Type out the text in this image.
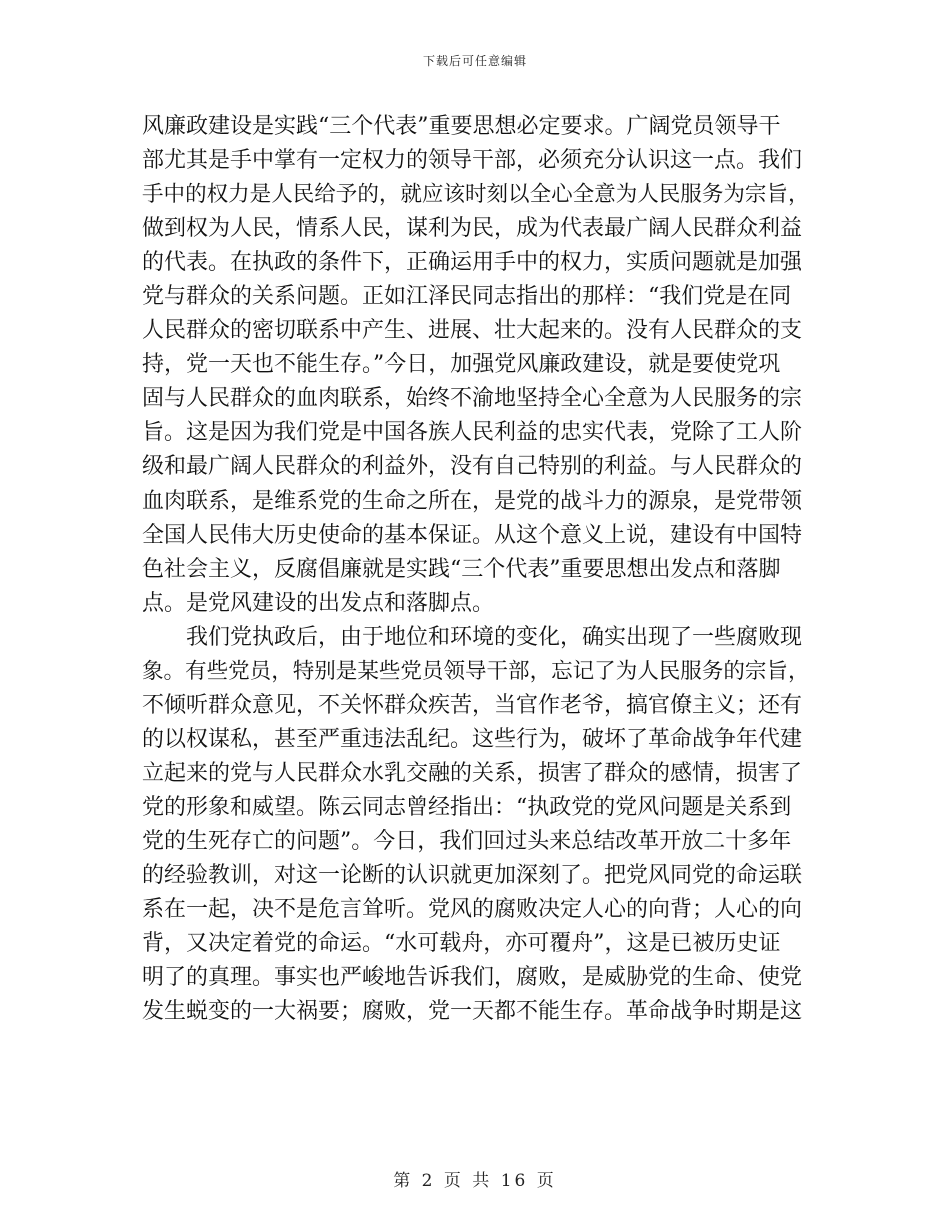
下载后可任意编辑
风廉政建设是实践“三个代表”重要思想必定要求。广阔党员领导干
部尤其是手中掌有一定权力的领导干部，必须充分认识这一点。我们
手中的权力是人民给予的，就应该时刻以全心全意为人民服务为宗旨，
做到权为人民，情系人民，谋利为民，成为代表最广阔人民群众利益
的代表。在执政的条件下，正确运用手中的权力，实质问题就是加强
党与群众的关系问题。正如江泽民同志指出的那样：“我们党是在同
人民群众的密切联系中产生、进展、壮大起来的。没有人民群众的支
持，党一天也不能生存。”今日，加强党风廉政建设，就是要使党巩
固与人民群众的血肉联系，始终不渝地坚持全心全意为人民服务的宗
旨。这是因为我们党是中国各族人民利益的忠实代表，党除了工人阶
级和最广阔人民群众的利益外，没有自己特别的利益。与人民群众的
血肉联系，是维系党的生命之所在，是党的战斗力的源泉，是党带领
全国人民伟大历史使命的基本保证。从这个意义上说，建设有中国特
色社会主义，反腐倡廉就是实践“三个代表”重要思想出发点和落脚
点。是党风建设的出发点和落脚点。
我们党执政后，由于地位和环境的变化，确实出现了一些腐败现
象。有些党员，特别是某些党员领导干部，忘记了为人民服务的宗旨，
不倾听群众意见，不关怀群众疾苦，当官作老爷，搞官僚主义；还有
的以权谋私，甚至严重违法乱纪。这些行为，破坏了革命战争年代建
立起来的党与人民群众水乳交融的关系，损害了群众的感情，损害了
党的形象和威望。陈云同志曾经指出：“执政党的党风问题是关系到
党的生死存亡的问题”。今日，我们回过头来总结改革开放二十多年
的经验教训，对这一论断的认识就更加深刻了。把党风同党的命运联
系在一起，决不是危言耸听。党风的腐败决定人心的向背；人心的向
背，又决定着党的命运。“水可载舟，亦可覆舟”，这是已被历史证
明了的真理。事实也严峻地告诉我们，腐败，是威胁党的生命、使党
发生蜕变的一大祸要；腐败，党一天都不能生存。革命战争时期是这
第 2 页 共 16 页
